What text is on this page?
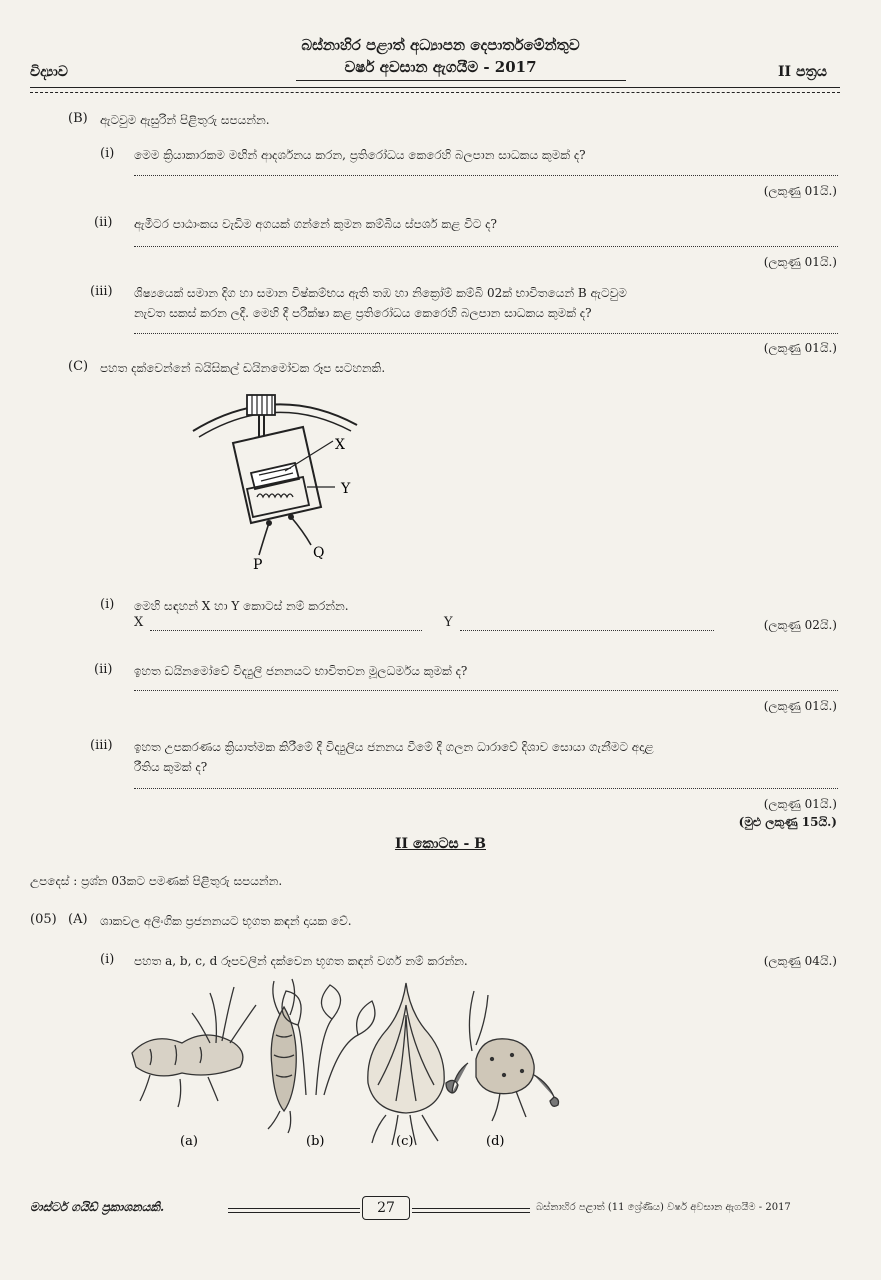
බස්නාහිර පළාත් අධ්‍යාපන දෙපාර්තමේන්තුව
වර්ෂ අවසාන ඇගයීම - 2017
විද්‍යාව	II පත්‍රය
(B) ඇටවුම ඇසුරින් පිළිතුරු සපයන්න.
(i) මෙම ක්‍රියාකාරකම මඟින් ආදර්ශනය කරන, ප්‍රතිරෝධය කෙරෙහි බලපාන සාධකය කුමක් ද?
(ලකුණු 01යි.)
(ii) ඇමීටර පාඨාංකය වැඩිම අගයක් ගන්නේ කුමන කම්බිය ස්පර්ශ කළ විට ද?
(ලකුණු 01යි.)
(iii) ශිෂ්‍යයෙක් සමාන දිග හා සමාන විෂ්කම්භය ඇති තඹ හා නික්‍රෝම් කම්බි 02ක් භාවිතයෙන් B ඇටවුම
නැවත සකස් කරන ලදී. මෙහි දී පරීක්ෂා කළ ප්‍රතිරෝධය කෙරෙහි බලපාන සාධකය කුමක් ද?
(ලකුණු 01යි.)
(C) පහත දක්වෙන්නේ බයිසිකල් ඩයිනමෝවක රූප සටහනකි.
X
Y
P
Q
(i) මෙහි සඳහන් X හා Y කොටස් නම් කරන්න.
X	Y	(ලකුණු 02යි.)
(ii) ඉහත ඩයිනමෝවේ විද්‍යුලි ජනනයට භාවිතවන මූලධර්මය කුමක් ද?
(ලකුණු 01යි.)
(iii) ඉහත උපකරණය ක්‍රියාත්මක කිරීමේ දී විද්‍යුලිය ජනනය වීමේ දී ගලන ධාරාවේ දිශාව සොයා ගැනීමට අදාළ
රීතිය කුමක් ද?
(ලකුණු 01යි.)
(මුළු ලකුණු 15යි.)
II කොටස - B
උපදෙස් : ප්‍රශ්න 03කට පමණක් පිළිතුරු සපයන්න.
(05) (A) ශාකවල අලිංගික ප්‍රජනනයට භූගත කඳන් දායක වේ.
(i) පහත a, b, c, d රූපවලින් දක්වෙන භූගත කඳන් වර්ග නම් කරන්න.	(ලකුණු 04යි.)
(a)	(b)	(c)	(d)
මාස්ටර් ගයිඩ් ප්‍රකාශනයකි.	27	බස්නාහිර පළාත් (11 ශ්‍රේණිය) වර්ෂ අවසාන ඇගයීම - 2017
